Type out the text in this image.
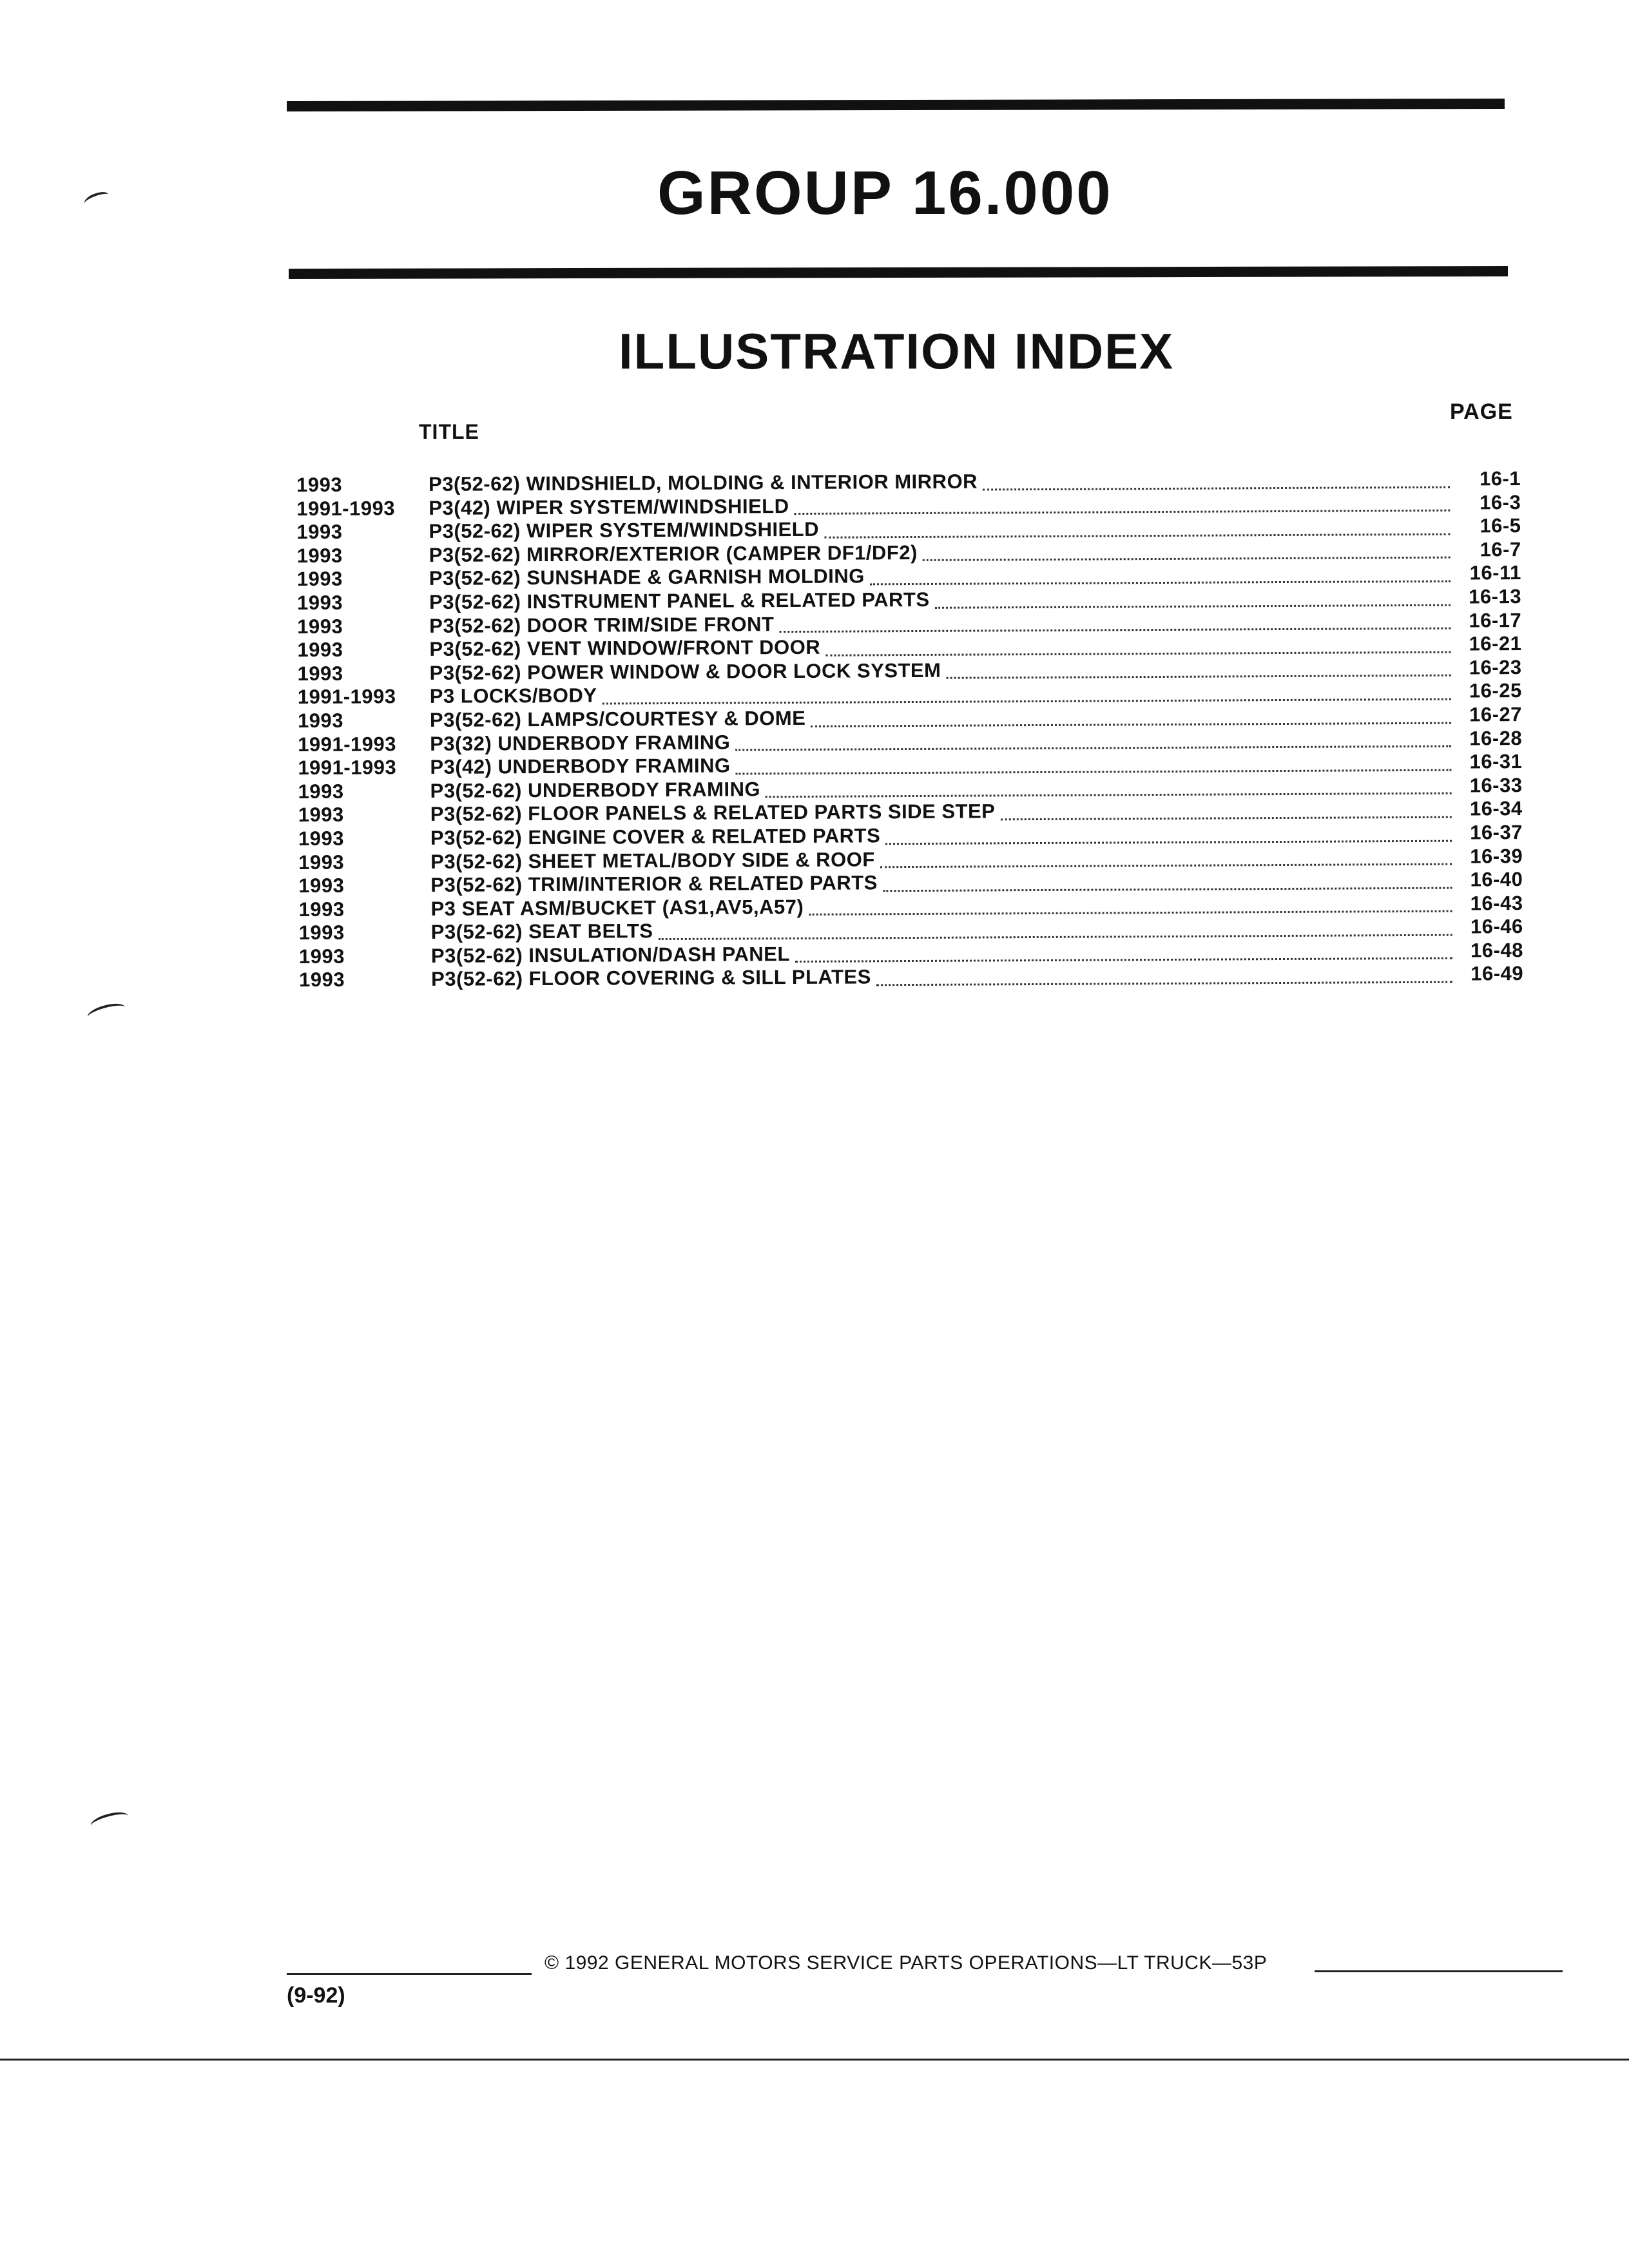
GROUP 16.000
ILLUSTRATION INDEX
PAGE
TITLE
1993	P3(52-62) WINDSHIELD, MOLDING & INTERIOR MIRROR	16-1
1991-1993	P3(42) WIPER SYSTEM/WINDSHIELD	16-3
1993	P3(52-62) WIPER SYSTEM/WINDSHIELD	16-5
1993	P3(52-62) MIRROR/EXTERIOR (CAMPER DF1/DF2)	16-7
1993	P3(52-62) SUNSHADE & GARNISH MOLDING	16-11
1993	P3(52-62) INSTRUMENT PANEL & RELATED PARTS	16-13
1993	P3(52-62) DOOR TRIM/SIDE FRONT	16-17
1993	P3(52-62) VENT WINDOW/FRONT DOOR	16-21
1993	P3(52-62) POWER WINDOW & DOOR LOCK SYSTEM	16-23
1991-1993	P3 LOCKS/BODY	16-25
1993	P3(52-62) LAMPS/COURTESY & DOME	16-27
1991-1993	P3(32) UNDERBODY FRAMING	16-28
1991-1993	P3(42) UNDERBODY FRAMING	16-31
1993	P3(52-62) UNDERBODY FRAMING	16-33
1993	P3(52-62) FLOOR PANELS & RELATED PARTS SIDE STEP	16-34
1993	P3(52-62) ENGINE COVER & RELATED PARTS	16-37
1993	P3(52-62) SHEET METAL/BODY SIDE & ROOF	16-39
1993	P3(52-62) TRIM/INTERIOR & RELATED PARTS	16-40
1993	P3 SEAT ASM/BUCKET (AS1,AV5,A57)	16-43
1993	P3(52-62) SEAT BELTS	16-46
1993	P3(52-62) INSULATION/DASH PANEL	16-48
1993	P3(52-62) FLOOR COVERING & SILL PLATES	16-49
© 1992 GENERAL MOTORS SERVICE PARTS OPERATIONS—LT TRUCK—53P
(9-92)
